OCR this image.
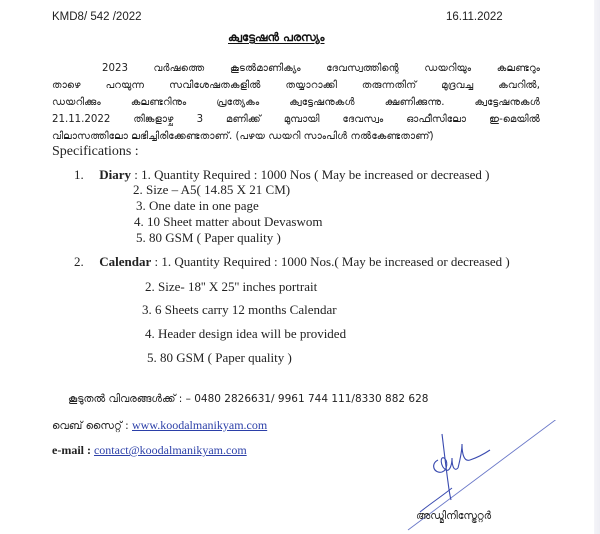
KMD8/ 542 /2022	16.11.2022
ക്വട്ടേഷൻ പരസ്യം
2023 വർഷത്തെ കൂടൽമാണിക്യം ദേവസ്വത്തിന്റെ ഡയറിയും കലണ്ടറും
താഴെ പറയുന്ന സവിശേഷതകളിൽ തയ്യാറാക്കി തരുന്നതിന് മുദ്രവച്ച കവറിൽ,
ഡയറിക്കും കലണ്ടറിനും പ്രത്യേകം ക്വട്ടേഷനുകൾ ക്ഷണിക്കുന്നു. ക്വട്ടേഷനുകൾ
21.11.2022 തിങ്കളാഴ്ച 3 മണിക്ക് മുമ്പായി ദേവസ്വം ഓഫീസിലോ ഇ-മെയിൽ
വിലാസത്തിലോ ലഭിച്ചിരിക്കേണ്ടതാണ്. (പഴയ ഡയറി സാംപിൾ നൽകേണ്ടതാണ്)
Specifications :
1. Diary : 1. Quantity Required : 1000 Nos ( May be increased or decreased )
2. Size – A5( 14.85 X 21 CM)
3. One date in one page
4. 10 Sheet matter about Devaswom
5. 80 GSM ( Paper quality )
2. Calendar : 1. Quantity Required : 1000 Nos.( May be increased or decreased )
2. Size- 18'' X 25'' inches portrait
3. 6 Sheets carry 12 months Calendar
4. Header design idea will be provided
5. 80 GSM ( Paper quality )
കൂടുതൽ വിവരങ്ങൾക്ക് : – 0480 2826631/ 9961 744 111/8330 882 628
വെബ് സൈറ്റ് : www.koodalmanikyam.com
e-mail : contact@koodalmanikyam.com
അഡ്മിനിസ്ട്രേറ്റർ
